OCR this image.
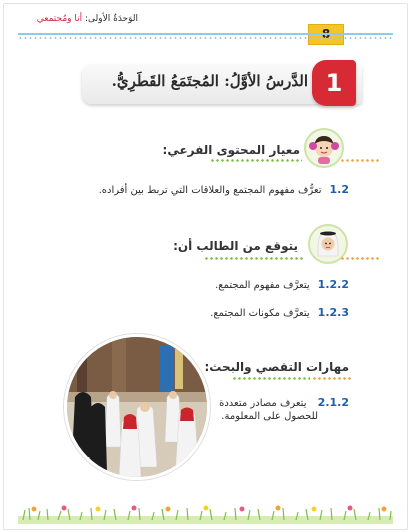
الوَحدَةُ الأولى: أنا ومُجتمعي
الدَّرسُ الأوَّلُ: المُجتَمَعُ القَطَرِيُّ. 1
معيار المحتوى الفرعي:
1.2تعرُّف مفهوم المجتمع والعلاقات التي تربط بين أفراده.
يتوقع من الطالب أن:
1.2.2يتعرَّف مفهوم المجتمع.
1.2.3يتعرَّف مكونات المجتمع.
مهارات التقصي والبحث:
2.1.2 يتعرف مصادر متعددة
للحصول على المعلومة.
